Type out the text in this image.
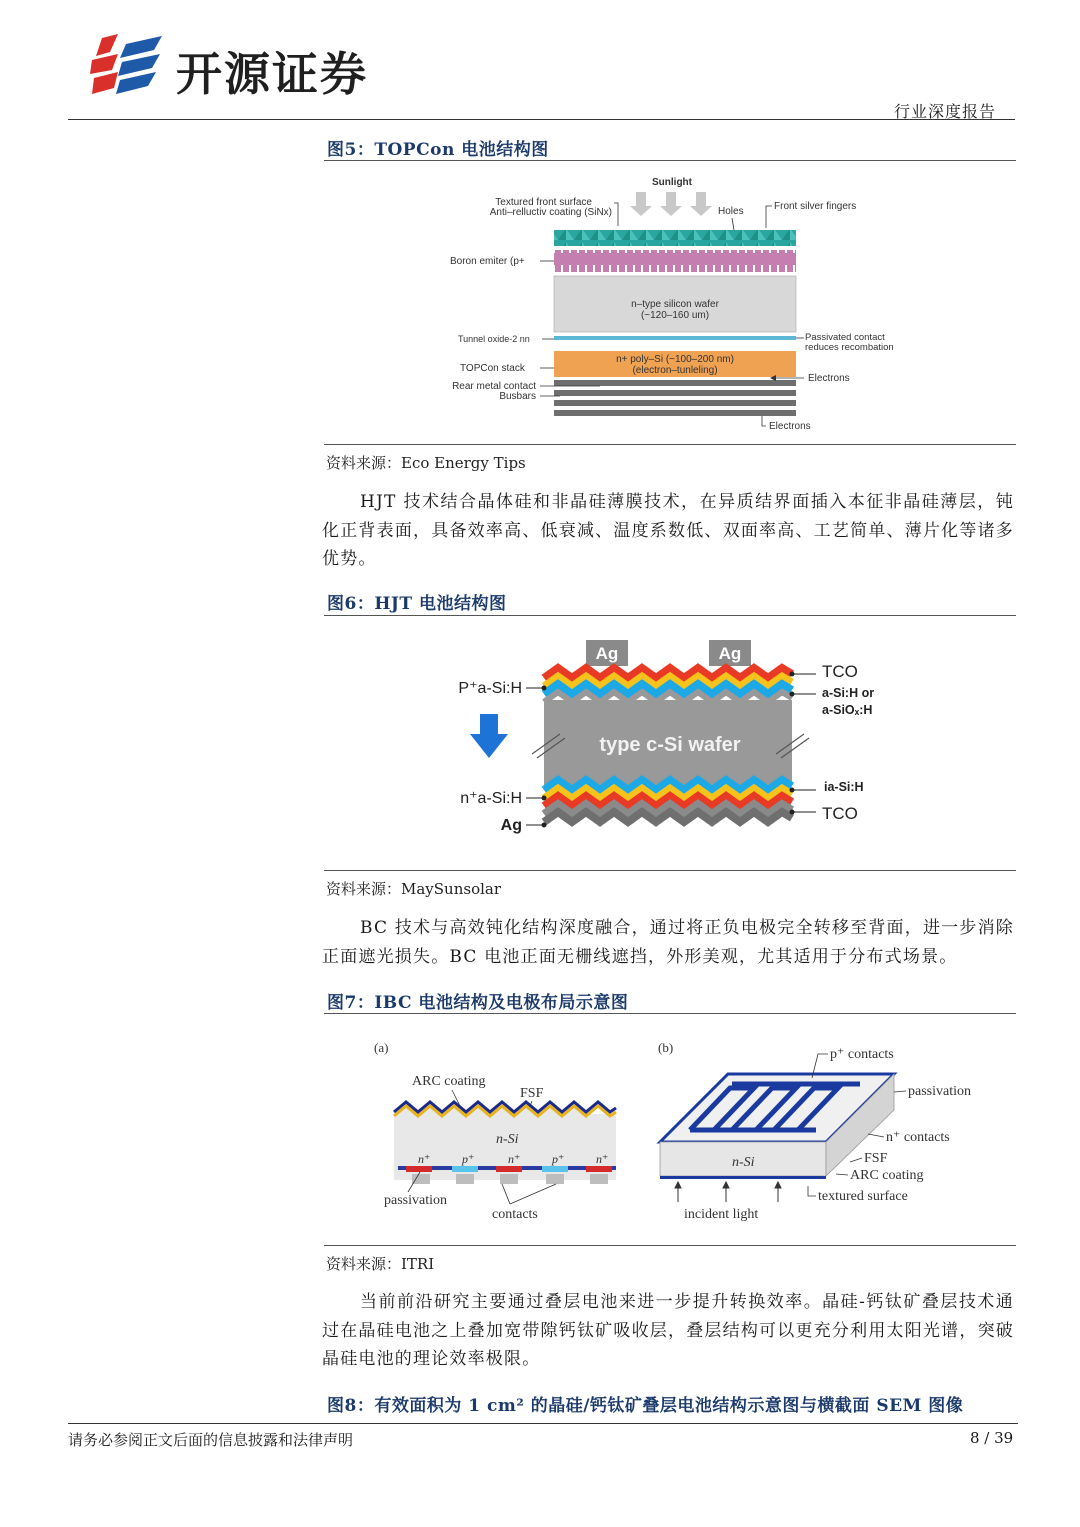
开源证券
行业深度报告
图5：TOPCon 电池结构图
Sunlight
Textured front surface
Anti–relluctiv coating (SiNx)	Holes	Front silver fingers
Boron emiter (p+
n–type silicon wafer
(~120–160 um)
Tunnel oxide-2 nn	Passivated contact
reduces recombation
n+ poly–Si (~100–200 nm)
(electron–tunleling)
TOPCon stack
Electrons
Rear metal contact
Busbars
Electrons
资料来源：Eco Energy Tips
HJT 技术结合晶体硅和非晶硅薄膜技术，在异质结界面插入本征非晶硅薄层，钝化正背表面，具备效率高、低衰减、温度系数低、双面率高、工艺简单、薄片化等诸多优势。
图6：HJT 电池结构图
Ag	Ag
type c-Si wafer
P⁺a-Si:H
n⁺a-Si:H
Ag
TCO
a-Si:H or
a-SiOₓ:H
ia-Si:H
TCO
资料来源：MaySunsolar
BC 技术与高效钝化结构深度融合，通过将正负电极完全转移至背面，进一步消除正面遮光损失。BC 电池正面无栅线遮挡，外形美观，尤其适用于分布式场景。
图7：IBC 电池结构及电极布局示意图
(a)
ARC coating
FSF
n-Si
n⁺	p⁺	n⁺	p⁺	n⁺
passivation
contacts
(b)
n-Si
p⁺ contacts
passivation
n⁺ contacts
FSF
ARC coating
textured surface
incident light
资料来源：ITRI
当前前沿研究主要通过叠层电池来进一步提升转换效率。晶硅-钙钛矿叠层技术通过在晶硅电池之上叠加宽带隙钙钛矿吸收层，叠层结构可以更充分利用太阳光谱，突破晶硅电池的理论效率极限。
图8：有效面积为 1 cm² 的晶硅/钙钛矿叠层电池结构示意图与横截面 SEM 图像
请务必参阅正文后面的信息披露和法律声明	8 / 39
